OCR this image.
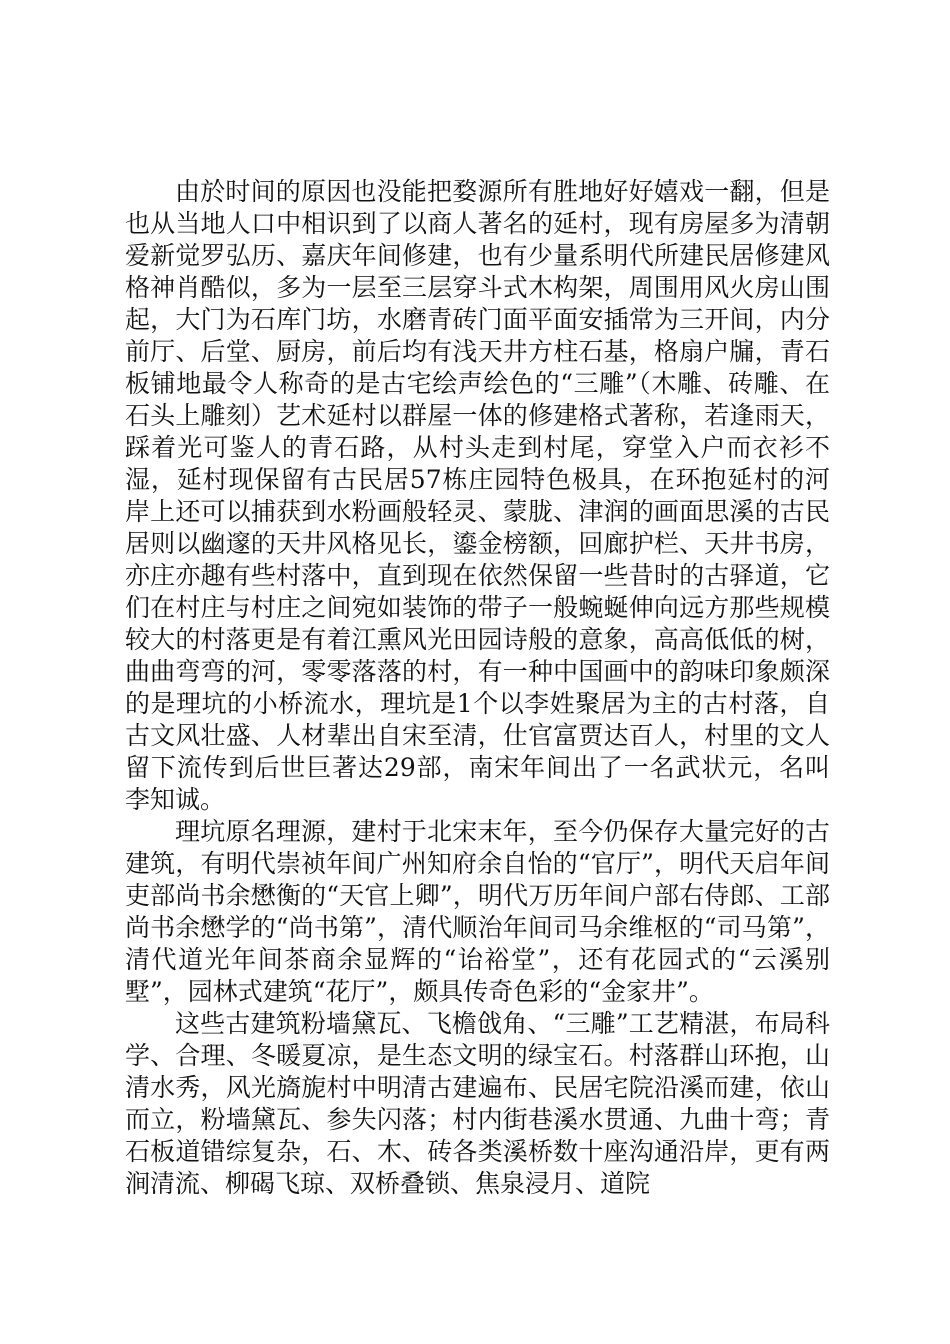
由於时间的原因也没能把婺源所有胜地好好嬉戏一翻，但是也从当地人口中相识到了以商人著名的延村，现有房屋多为清朝爱新觉罗弘历、嘉庆年间修建，也有少量系明代所建民居修建风格神肖酷似，多为一层至三层穿斗式木构架，周围用风火房山围起，大门为石库门坊，水磨青砖门面平面安插常为三开间，内分前厅、后堂、厨房，前后均有浅天井方柱石基，格扇户牖，青石板铺地最令人称奇的是古宅绘声绘色的“三雕”（木雕、砖雕、在石头上雕刻）艺术延村以群屋一体的修建格式著称，若逢雨天，踩着光可鉴人的青石路，从村头走到村尾，穿堂入户而衣衫不湿，延村现保留有古民居57栋庄园特色极具，在环抱延村的河岸上还可以捕获到水粉画般轻灵、蒙胧、津润的画面思溪的古民居则以幽邃的天井风格见长，鎏金榜额，回廊护栏、天井书房，亦庄亦趣有些村落中，直到现在依然保留一些昔时的古驿道，它们在村庄与村庄之间宛如装饰的带子一般蜿蜒伸向远方那些规模较大的村落更是有着江熏风光田园诗般的意象，高高低低的树，曲曲弯弯的河，零零落落的村，有一种中国画中的韵味印象颇深的是理坑的小桥流水，理坑是1个以李姓聚居为主的古村落，自古文风壮盛、人材辈出自宋至清，仕官富贾达百人，村里的文人留下流传到后世巨著达29部，南宋年间出了一名武状元，名叫李知诚。

理坑原名理源，建村于北宋末年，至今仍保存大量完好的古建筑，有明代崇祯年间广州知府余自怡的“官厅”，明代天启年间吏部尚书余懋衡的“天官上卿”，明代万历年间户部右侍郎、工部尚书余懋学的“尚书第”，清代顺治年间司马余维枢的“司马第”，清代道光年间茶商余显辉的“诒裕堂”，还有花园式的“云溪别墅”，园林式建筑“花厅”，颇具传奇色彩的“金家井”。

这些古建筑粉墙黛瓦、飞檐戗角、“三雕”工艺精湛，布局科学、合理、冬暖夏凉，是生态文明的绿宝石。村落群山环抱，山清水秀，风光旖旎村中明清古建遍布、民居宅院沿溪而建，依山而立，粉墙黛瓦、参失闪落；村内街巷溪水贯通、九曲十弯；青石板道错综复杂，石、木、砖各类溪桥数十座沟通沿岸，更有两涧清流、柳碣飞琼、双桥叠锁、焦泉浸月、道院
